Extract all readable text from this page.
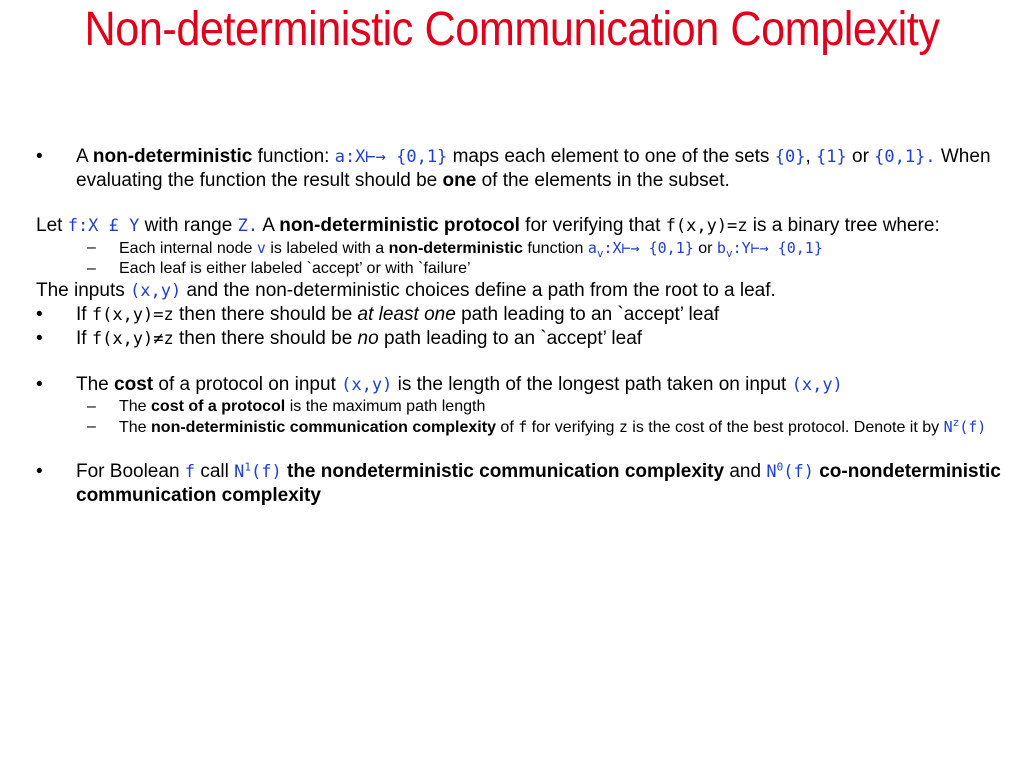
Non-deterministic Communication Complexity

• A non-deterministic function: a:X⊢→ {0,1} maps each element to one of the sets {0}, {1} or {0,1}. When evaluating the function the result should be one of the elements in the subset.

Let f:X £ Y with range Z. A non-deterministic protocol for verifying that f(x,y)=z is a binary tree where:

– Each internal node v is labeled with a non-deterministic function $a_v:X⊢\to \{0,1\}$ or $b_v:Y⊢\to \{0,1\}$

– Each leaf is either labeled `accept’ or with `failure’

The inputs (x,y) and the non-deterministic choices define a path from the root to a leaf.

• If f(x,y)=z then there should be at least one path leading to an `accept’ leaf

• If f(x,y)≠z then there should be no path leading to an `accept’ leaf

• The cost of a protocol on input (x,y) is the length of the longest path taken on input (x,y)

– The cost of a protocol is the maximum path length

– The non-deterministic communication complexity of f for verifying z is the cost of the best protocol. Denote it by $N^z(f)$

• For Boolean f call $N^1(f)$ the nondeterministic communication complexity and $N^0(f)$ co-nondeterministic communication complexity
